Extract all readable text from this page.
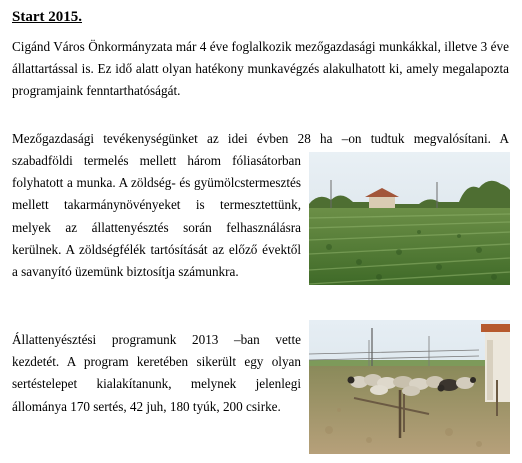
Start 2015.

Cigánd Város Önkormányzata már 4 éve foglalkozik mezőgazdasági munkákkal, illetve 3 éve állattartással is. Ez idő alatt olyan hatékony munkavégzés alakulhatott ki, amely megalapozta programjaink fenntarthatóságát.

Mezőgazdasági tevékenységünket az idei évben 28 ha –on tudtuk megvalósítani. A

szabadföldi termelés mellett három fóliasátorban folyhatott a munka. A zöldség- és gyümölcstermesztés mellett takarmánynövényeket is termesztettünk, melyek az állattenyésztés során felhasználásra kerülnek. A zöldségfélék tartósítását az előző évektől a savanyító üzemünk biztosítja számunkra.

Állattenyésztési programunk 2013 –ban vette kezdetét. A program keretében sikerült egy olyan sertéstelepet kialakítanunk, melynek jelenlegi állománya 170 sertés, 42 juh, 180 tyúk, 200 csirke.
